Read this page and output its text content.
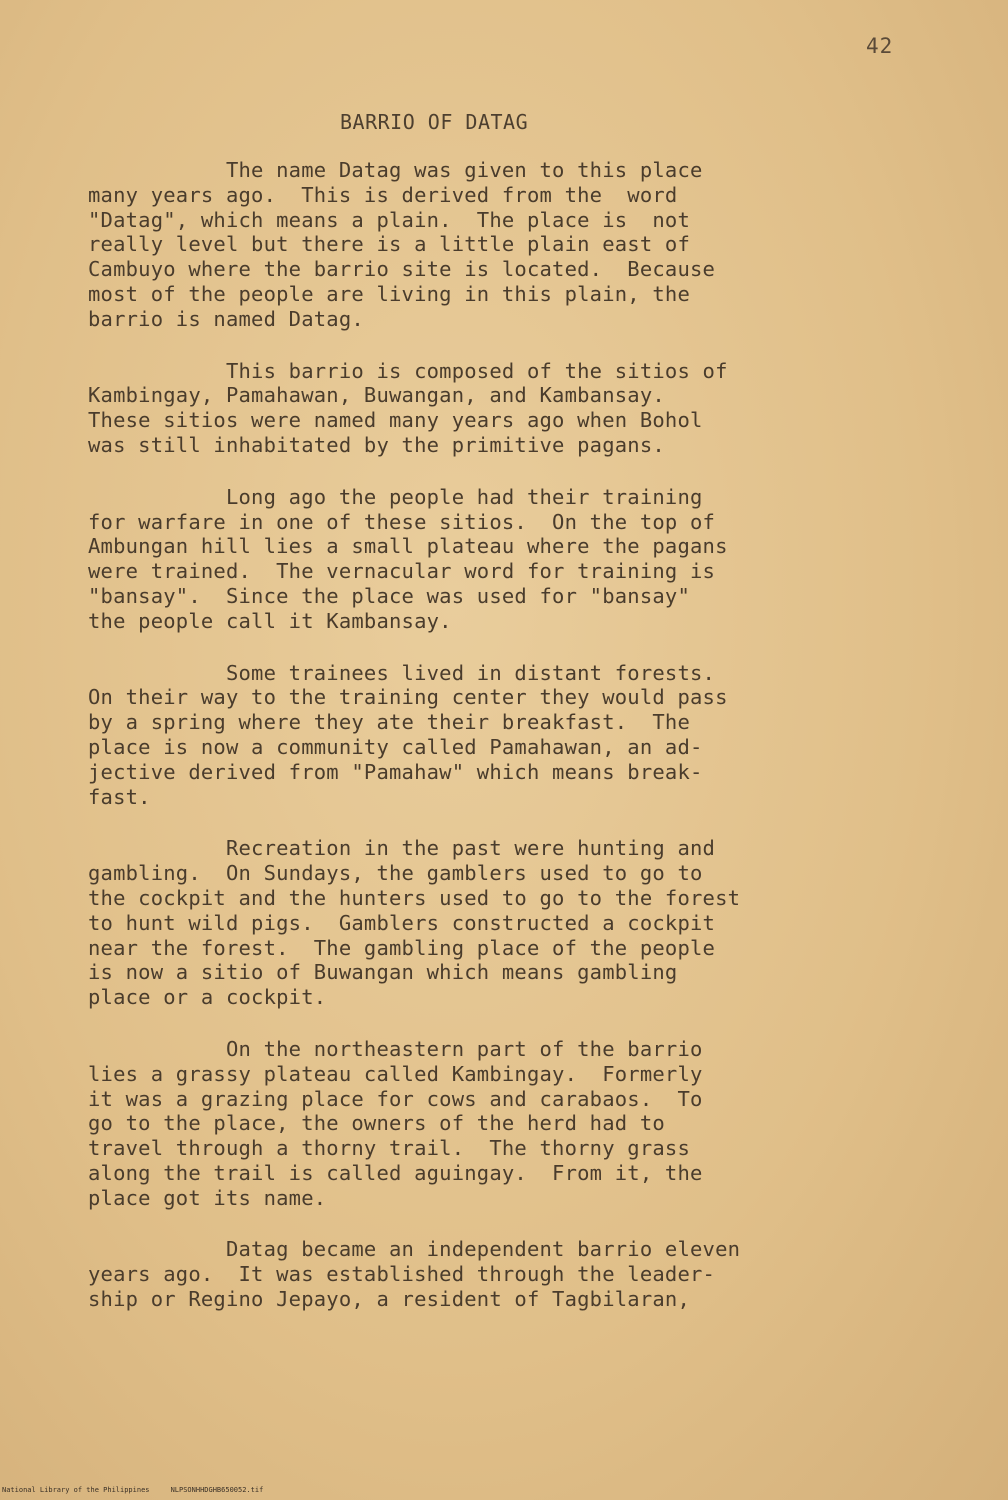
42
BARRIO OF DATAG
The name Datag was given to this place
many years ago.  This is derived from the  word
"Datag", which means a plain.  The place is  not
really level but there is a little plain east of
Cambuyo where the barrio site is located.  Because
most of the people are living in this plain, the
barrio is named Datag.
This barrio is composed of the sitios of
Kambingay, Pamahawan, Buwangan, and Kambansay.
These sitios were named many years ago when Bohol
was still inhabitated by the primitive pagans.
Long ago the people had their training
for warfare in one of these sitios.  On the top of
Ambungan hill lies a small plateau where the pagans
were trained.  The vernacular word for training is
"bansay".  Since the place was used for "bansay"
the people call it Kambansay.
Some trainees lived in distant forests.
On their way to the training center they would pass
by a spring where they ate their breakfast.  The
place is now a community called Pamahawan, an ad-
jective derived from "Pamahaw" which means break-
fast.
Recreation in the past were hunting and
gambling.  On Sundays, the gamblers used to go to
the cockpit and the hunters used to go to the forest
to hunt wild pigs.  Gamblers constructed a cockpit
near the forest.  The gambling place of the people
is now a sitio of Buwangan which means gambling
place or a cockpit.
On the northeastern part of the barrio
lies a grassy plateau called Kambingay.  Formerly
it was a grazing place for cows and carabaos.  To
go to the place, the owners of the herd had to
travel through a thorny trail.  The thorny grass
along the trail is called aguingay.  From it, the
place got its name.
Datag became an independent barrio eleven
years ago.  It was established through the leader-
ship or Regino Jepayo, a resident of Tagbilaran,
National Library of the Philippines     NLPSONHHDGHB650052.tif
